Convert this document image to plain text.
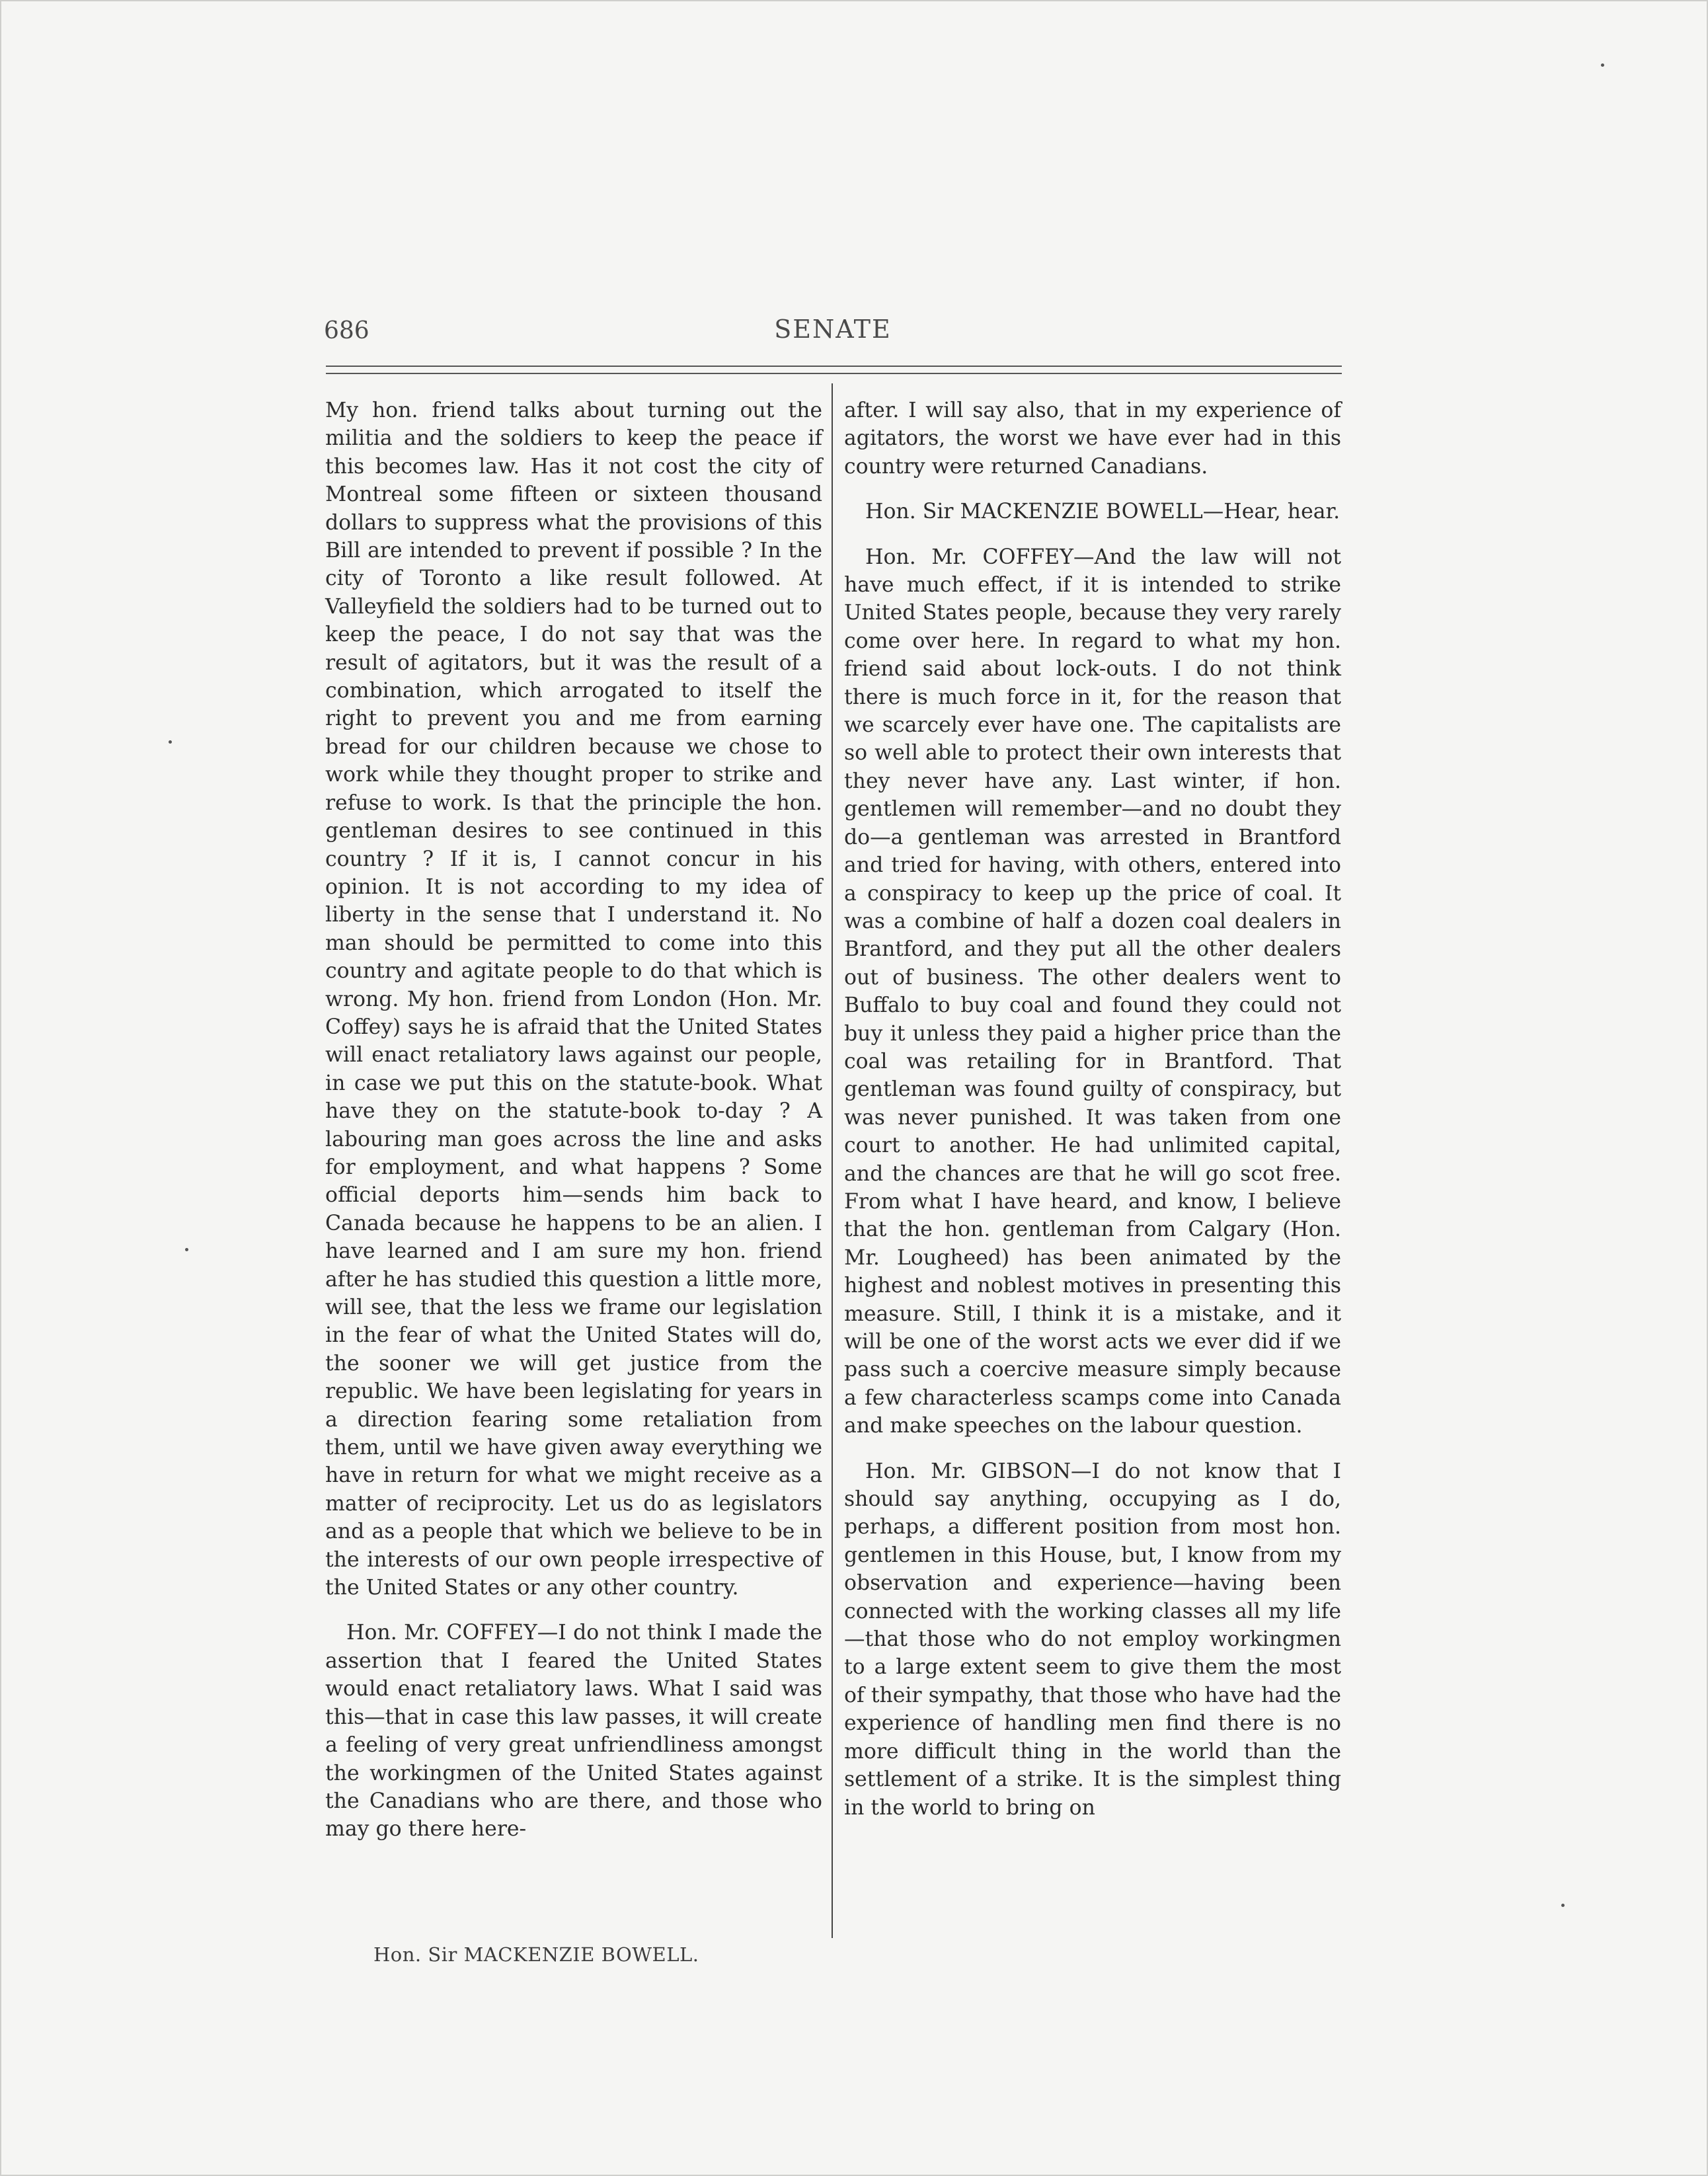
686	SENATE

My hon. friend talks about turning out the militia and the soldiers to keep the peace if this becomes law. Has it not cost the city of Montreal some fifteen or sixteen thousand dollars to suppress what the provisions of this Bill are intended to prevent if possible ? In the city of Toronto a like result followed. At Valleyfield the soldiers had to be turned out to keep the peace, I do not say that was the result of agitators, but it was the result of a combination, which arrogated to itself the right to prevent you and me from earning bread for our children because we chose to work while they thought proper to strike and refuse to work. Is that the principle the hon. gentleman desires to see continued in this country ? If it is, I cannot concur in his opinion. It is not according to my idea of liberty in the sense that I understand it. No man should be permitted to come into this country and agitate people to do that which is wrong. My hon. friend from London (Hon. Mr. Coffey) says he is afraid that the United States will enact retaliatory laws against our people, in case we put this on the statute-book. What have they on the statute-book to-day ? A labouring man goes across the line and asks for employment, and what happens ? Some official deports him—sends him back to Canada because he happens to be an alien. I have learned and I am sure my hon. friend after he has studied this question a little more, will see, that the less we frame our legislation in the fear of what the United States will do, the sooner we will get justice from the republic. We have been legislating for years in a direction fearing some retaliation from them, until we have given away everything we have in return for what we might receive as a matter of reciprocity. Let us do as legislators and as a people that which we believe to be in the interests of our own people irrespective of the United States or any other country.

Hon. Mr. COFFEY—I do not think I made the assertion that I feared the United States would enact retaliatory laws. What I said was this—that in case this law passes, it will create a feeling of very great unfriendliness amongst the workingmen of the United States against the Canadians who are there, and those who may go there here-

after. I will say also, that in my experience of agitators, the worst we have ever had in this country were returned Canadians.

Hon. Sir MACKENZIE BOWELL—Hear, hear.

Hon. Mr. COFFEY—And the law will not have much effect, if it is intended to strike United States people, because they very rarely come over here. In regard to what my hon. friend said about lock-outs. I do not think there is much force in it, for the reason that we scarcely ever have one. The capitalists are so well able to protect their own interests that they never have any. Last winter, if hon. gentlemen will remember—and no doubt they do—a gentleman was arrested in Brantford and tried for having, with others, entered into a conspiracy to keep up the price of coal. It was a combine of half a dozen coal dealers in Brantford, and they put all the other dealers out of business. The other dealers went to Buffalo to buy coal and found they could not buy it unless they paid a higher price than the coal was retailing for in Brantford. That gentleman was found guilty of conspiracy, but was never punished. It was taken from one court to another. He had unlimited capital, and the chances are that he will go scot free. From what I have heard, and know, I believe that the hon. gentleman from Calgary (Hon. Mr. Lougheed) has been animated by the highest and noblest motives in presenting this measure. Still, I think it is a mistake, and it will be one of the worst acts we ever did if we pass such a coercive measure simply because a few characterless scamps come into Canada and make speeches on the labour question.

Hon. Mr. GIBSON—I do not know that I should say anything, occupying as I do, perhaps, a different position from most hon. gentlemen in this House, but, I know from my observation and experience—having been connected with the working classes all my life—that those who do not employ workingmen to a large extent seem to give them the most of their sympathy, that those who have had the experience of handling men find there is no more difficult thing in the world than the settlement of a strike. It is the simplest thing in the world to bring on

Hon. Sir MACKENZIE BOWELL.
